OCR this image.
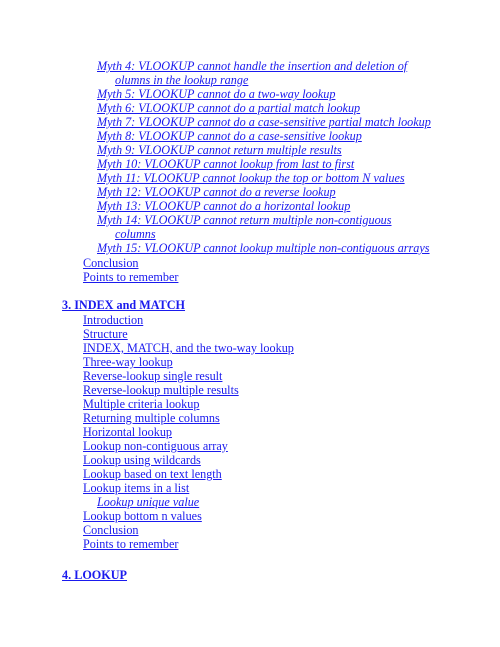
Myth 4: VLOOKUP cannot handle the insertion and deletion of
olumns in the lookup range
Myth 5: VLOOKUP cannot do a two-way lookup
Myth 6: VLOOKUP cannot do a partial match lookup
Myth 7: VLOOKUP cannot do a case-sensitive partial match lookup
Myth 8: VLOOKUP cannot do a case-sensitive lookup
Myth 9: VLOOKUP cannot return multiple results
Myth 10: VLOOKUP cannot lookup from last to first
Myth 11: VLOOKUP cannot lookup the top or bottom N values
Myth 12: VLOOKUP cannot do a reverse lookup
Myth 13: VLOOKUP cannot do a horizontal lookup
Myth 14: VLOOKUP cannot return multiple non-contiguous
columns
Myth 15: VLOOKUP cannot lookup multiple non-contiguous arrays
Conclusion
Points to remember
3. INDEX and MATCH
Introduction
Structure
INDEX, MATCH, and the two-way lookup
Three-way lookup
Reverse-lookup single result
Reverse-lookup multiple results
Multiple criteria lookup
Returning multiple columns
Horizontal lookup
Lookup non-contiguous array
Lookup using wildcards
Lookup based on text length
Lookup items in a list
Lookup unique value
Lookup bottom n values
Conclusion
Points to remember
4. LOOKUP
